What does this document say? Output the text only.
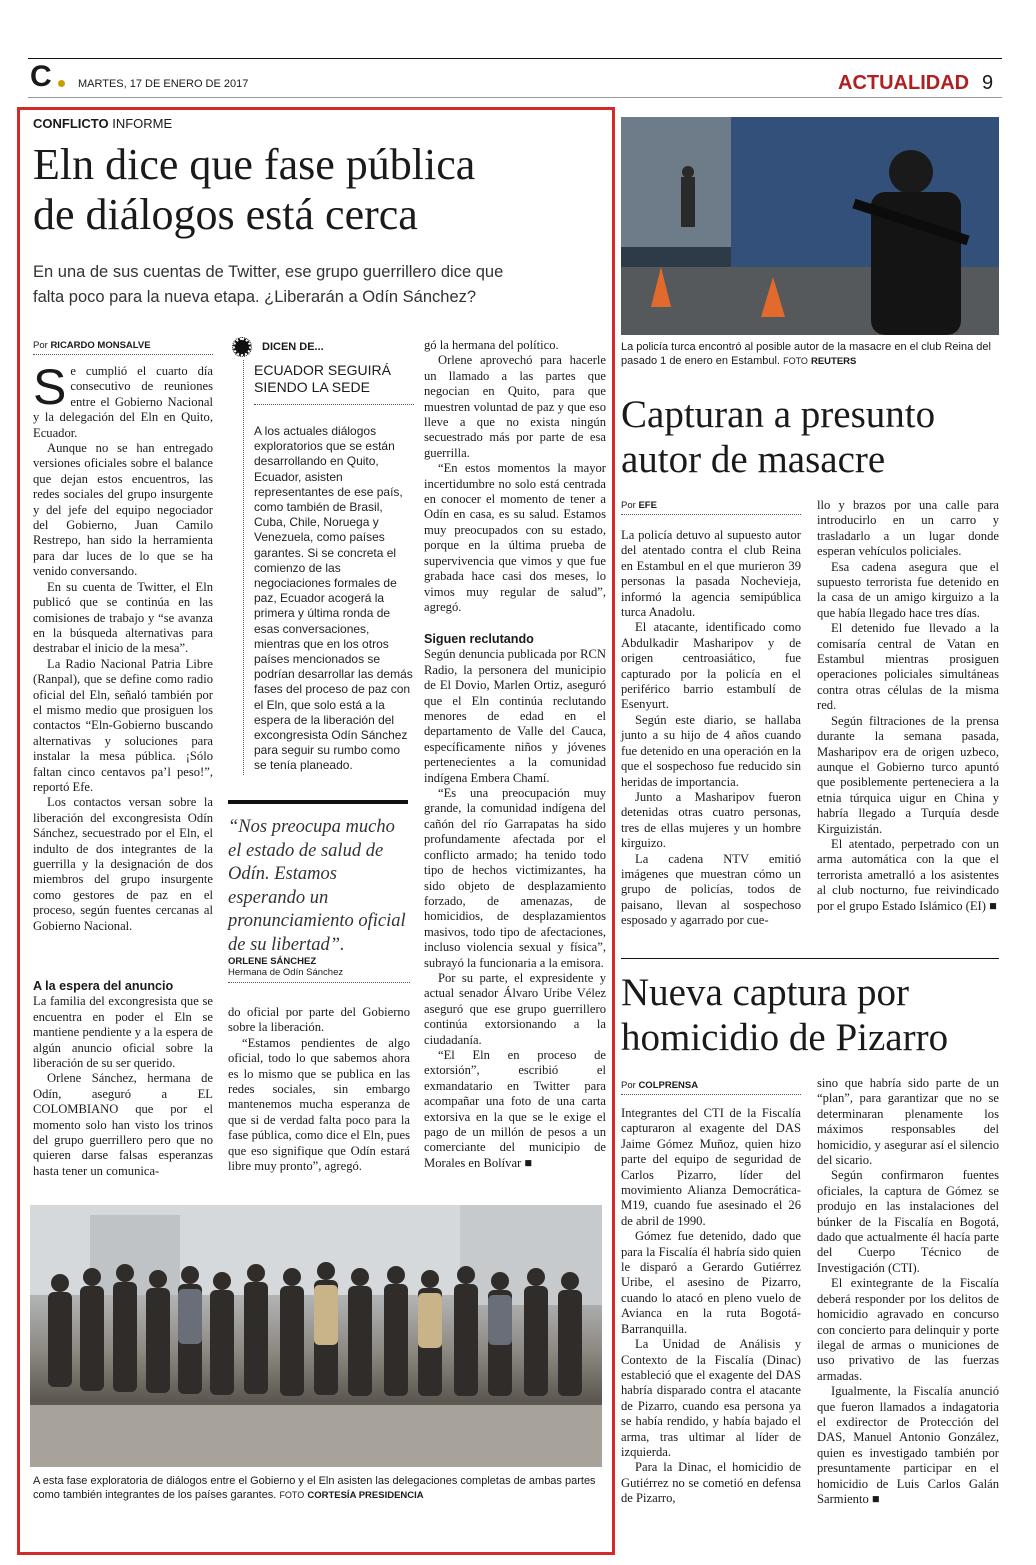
C MARTES, 17 DE ENERO DE 2017	ACTUALIDAD 9
CONFLICTO INFORME
Eln dice que fase pública
de diálogos está cerca
En una de sus cuentas de Twitter, ese grupo guerrillero dice que
falta poco para la nueva etapa. ¿Liberarán a Odín Sánchez?
Por RICARDO MONSALVE

Se cumplió el cuarto día consecutivo de reuniones entre el Gobierno Nacional y la delegación del Eln en Quito, Ecuador.

Aunque no se han entregado versiones oficiales sobre el balance que dejan estos encuentros, las redes sociales del grupo insurgente y del jefe del equipo negociador del Gobierno, Juan Camilo Restrepo, han sido la herramienta para dar luces de lo que se ha venido conversando.

En su cuenta de Twitter, el Eln publicó que se continúa en las comisiones de trabajo y “se avanza en la búsqueda alternativas para destrabar el inicio de la mesa”.

La Radio Nacional Patria Libre (Ranpal), que se define como radio oficial del Eln, señaló también por el mismo medio que prosiguen los contactos “Eln-Gobierno buscando alternativas y soluciones para instalar la mesa pública. ¡Sólo faltan cinco centavos pa’l peso!”, reportó Efe.

Los contactos versan sobre la liberación del excongresista Odín Sánchez, secuestrado por el Eln, el indulto de dos integrantes de la guerrilla y la designación de dos miembros del grupo insurgente como gestores de paz en el proceso, según fuentes cercanas al Gobierno Nacional.

A la espera del anuncio

La familia del excongresista que se encuentra en poder el Eln se mantiene pendiente y a la espera de algún anuncio oficial sobre la liberación de su ser querido.

Orlene Sánchez, hermana de Odín, aseguró a EL COLOMBIANO que por el momento solo han visto los trinos del grupo guerrillero pero que no quieren darse falsas esperanzas hasta tener un comunica-

DICEN DE...
ECUADOR SEGUIRÁ
SIENDO LA SEDE
A los actuales diálogos exploratorios que se están desarrollando en Quito, Ecuador, asisten representantes de ese país, como también de Brasil, Cuba, Chile, Noruega y Venezuela, como países garantes. Si se concreta el comienzo de las negociaciones formales de paz, Ecuador acogerá la primera y última ronda de esas conversaciones, mientras que en los otros países mencionados se podrían desarrollar las demás fases del proceso de paz con el Eln, que solo está a la espera de la liberación del excongresista Odín Sánchez para seguir su rumbo como se tenía planeado.
“Nos preocupa mucho el estado de salud de Odín. Estamos esperando un pronunciamiento oficial de su libertad”.
ORLENE SÁNCHEZ
Hermana de Odín Sánchez

do oficial por parte del Gobierno sobre la liberación.

“Estamos pendientes de algo oficial, todo lo que sabemos ahora es lo mismo que se publica en las redes sociales, sin embargo mantenemos mucha esperanza de que si de verdad falta poco para la fase pública, como dice el Eln, pues que eso signifique que Odín estará libre muy pronto”, agregó.

gó la hermana del político.

Orlene aprovechó para hacerle un llamado a las partes que negocian en Quito, para que muestren voluntad de paz y que eso lleve a que no exista ningún secuestrado más por parte de esa guerrilla.

“En estos momentos la mayor incertidumbre no solo está centrada en conocer el momento de tener a Odín en casa, es su salud. Estamos muy preocupados con su estado, porque en la última prueba de supervivencia que vimos y que fue grabada hace casi dos meses, lo vimos muy regular de salud”, agregó.

Siguen reclutando

Según denuncia publicada por RCN Radio, la personera del municipio de El Dovio, Marlen Ortiz, aseguró que el Eln continúa reclutando menores de edad en el departamento de Valle del Cauca, específicamente niños y jóvenes pertenecientes a la comunidad indígena Embera Chamí.

“Es una preocupación muy grande, la comunidad indígena del cañón del río Garrapatas ha sido profundamente afectada por el conflicto armado; ha tenido todo tipo de hechos victimizantes, ha sido objeto de desplazamiento forzado, de amenazas, de homicidios, de desplazamientos masivos, todo tipo de afectaciones, incluso violencia sexual y física”, subrayó la funcionaria a la emisora.

Por su parte, el expresidente y actual senador Álvaro Uribe Vélez aseguró que ese grupo guerrillero continúa extorsionando a la ciudadanía.

“El Eln en proceso de extorsión”, escribió el exmandatario en Twitter para acompañar una foto de una carta extorsiva en la que se le exige el pago de un millón de pesos a un comerciante del municipio de Morales en Bolívar ■

A esta fase exploratoria de diálogos entre el Gobierno y el Eln asisten las delegaciones completas de ambas partes como también integrantes de los países garantes. FOTO CORTESÍA PRESIDENCIA
La policía turca encontró al posible autor de la masacre en el club Reina del pasado 1 de enero en Estambul. FOTO REUTERS
Capturan a presunto
autor de masacre
Por EFE

La policía detuvo al supuesto autor del atentado contra el club Reina en Estambul en el que murieron 39 personas la pasada Nochevieja, informó la agencia semipública turca Anadolu.

El atacante, identificado como Abdulkadir Masharipov y de origen centroasiático, fue capturado por la policía en el periférico barrio estambulí de Esenyurt.

Según este diario, se hallaba junto a su hijo de 4 años cuando fue detenido en una operación en la que el sospechoso fue reducido sin heridas de importancia.

Junto a Masharipov fueron detenidas otras cuatro personas, tres de ellas mujeres y un hombre kirguizo.

La cadena NTV emitió imágenes que muestran cómo un grupo de policías, todos de paisano, llevan al sospechoso esposado y agarrado por cue-

llo y brazos por una calle para introducirlo en un carro y trasladarlo a un lugar donde esperan vehículos policiales.

Esa cadena asegura que el supuesto terrorista fue detenido en la casa de un amigo kirguizo a la que había llegado hace tres días.

El detenido fue llevado a la comisaría central de Vatan en Estambul mientras prosiguen operaciones policiales simultáneas contra otras células de la misma red.

Según filtraciones de la prensa durante la semana pasada, Masharipov era de origen uzbeco, aunque el Gobierno turco apuntó que posiblemente perteneciera a la etnia túrquica uigur en China y habría llegado a Turquía desde Kirguizistán.

El atentado, perpetrado con un arma automática con la que el terrorista ametralló a los asistentes al club nocturno, fue reivindicado por el grupo Estado Islámico (EI) ■

Nueva captura por
homicidio de Pizarro
Por COLPRENSA

Integrantes del CTI de la Fiscalía capturaron al exagente del DAS Jaime Gómez Muñoz, quien hizo parte del equipo de seguridad de Carlos Pizarro, líder del movimiento Alianza Democrática-M19, cuando fue asesinado el 26 de abril de 1990.

Gómez fue detenido, dado que para la Fiscalía él habría sido quien le disparó a Gerardo Gutiérrez Uribe, el asesino de Pizarro, cuando lo atacó en pleno vuelo de Avianca en la ruta Bogotá-Barranquilla.

La Unidad de Análisis y Contexto de la Fiscalía (Dinac) estableció que el exagente del DAS habría disparado contra el atacante de Pizarro, cuando esa persona ya se había rendido, y había bajado el arma, tras ultimar al líder de izquierda.

Para la Dinac, el homicidio de Gutiérrez no se cometió en defensa de Pizarro,

sino que habría sido parte de un “plan”, para garantizar que no se determinaran plenamente los máximos responsables del homicidio, y asegurar así el silencio del sicario.

Según confirmaron fuentes oficiales, la captura de Gómez se produjo en las instalaciones del búnker de la Fiscalía en Bogotá, dado que actualmente él hacía parte del Cuerpo Técnico de Investigación (CTI).

El exintegrante de la Fiscalía deberá responder por los delitos de homicidio agravado en concurso con concierto para delinquir y porte ilegal de armas o municiones de uso privativo de las fuerzas armadas.

Igualmente, la Fiscalía anunció que fueron llamados a indagatoria el exdirector de Protección del DAS, Manuel Antonio González, quien es investigado también por presuntamente participar en el homicidio de Luis Carlos Galán Sarmiento ■
